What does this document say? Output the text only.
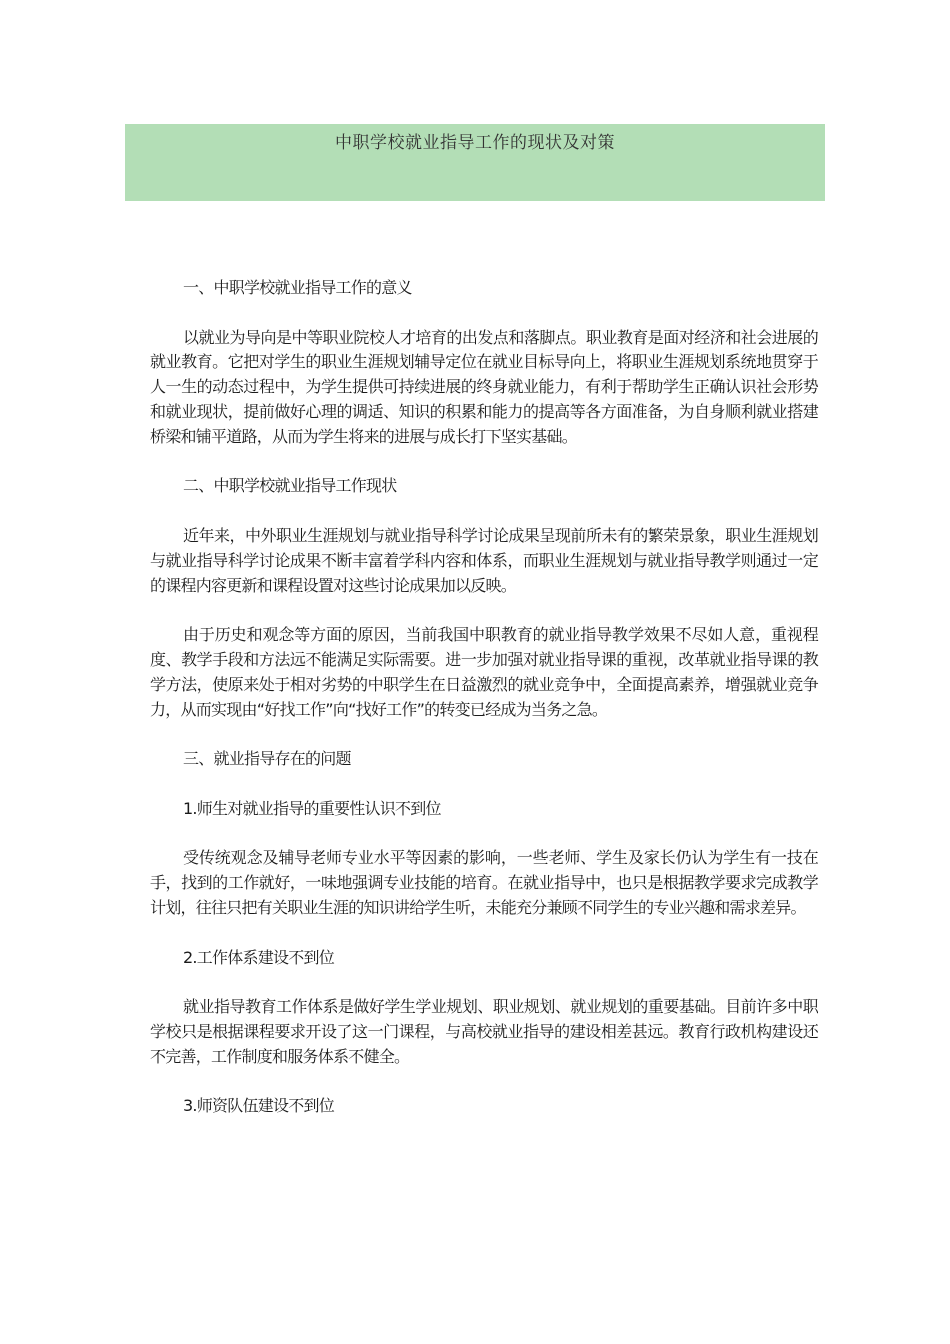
中职学校就业指导工作的现状及对策

一、中职学校就业指导工作的意义

以就业为导向是中等职业院校人才培育的出发点和落脚点。职业教育是面对经济和社会进展的就业教育。它把对学生的职业生涯规划辅导定位在就业目标导向上，将职业生涯规划系统地贯穿于人一生的动态过程中，为学生提供可持续进展的终身就业能力，有利于帮助学生正确认识社会形势和就业现状，提前做好心理的调适、知识的积累和能力的提高等各方面准备，为自身顺利就业搭建桥梁和铺平道路，从而为学生将来的进展与成长打下坚实基础。

二、中职学校就业指导工作现状

近年来，中外职业生涯规划与就业指导科学讨论成果呈现前所未有的繁荣景象，职业生涯规划与就业指导科学讨论成果不断丰富着学科内容和体系，而职业生涯规划与就业指导教学则通过一定的课程内容更新和课程设置对这些讨论成果加以反映。

由于历史和观念等方面的原因，当前我国中职教育的就业指导教学效果不尽如人意，重视程度、教学手段和方法远不能满足实际需要。进一步加强对就业指导课的重视，改革就业指导课的教学方法，使原来处于相对劣势的中职学生在日益激烈的就业竞争中，全面提高素养，增强就业竞争力，从而实现由“好找工作”向“找好工作”的转变已经成为当务之急。

三、就业指导存在的问题

1.师生对就业指导的重要性认识不到位

受传统观念及辅导老师专业水平等因素的影响，一些老师、学生及家长仍认为学生有一技在手，找到的工作就好，一味地强调专业技能的培育。在就业指导中，也只是根据教学要求完成教学计划，往往只把有关职业生涯的知识讲给学生听，未能充分兼顾不同学生的专业兴趣和需求差异。

2.工作体系建设不到位

就业指导教育工作体系是做好学生学业规划、职业规划、就业规划的重要基础。目前许多中职学校只是根据课程要求开设了这一门课程，与高校就业指导的建设相差甚远。教育行政机构建设还不完善，工作制度和服务体系不健全。

3.师资队伍建设不到位
